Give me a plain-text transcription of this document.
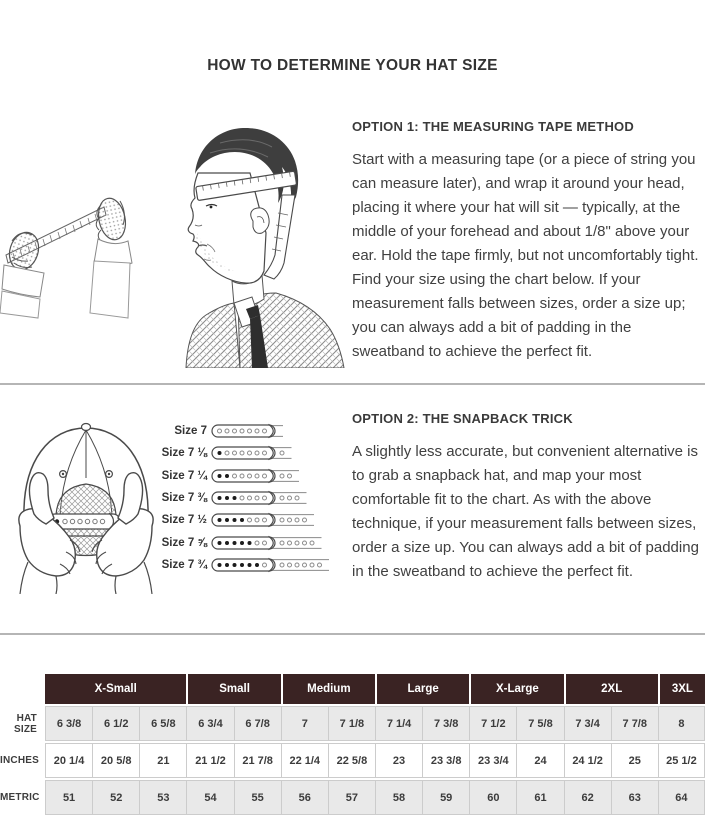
HOW TO DETERMINE YOUR HAT SIZE
OPTION 1: THE MEASURING TAPE METHOD

Start with a measuring tape (or a piece of string you can measure later), and wrap it around your head, placing it where your hat will sit — typically, at the middle of your forehead and about 1/8" above your ear. Hold the tape firmly, but not uncomfortably tight. Find your size using the chart below. If your measurement falls between sizes, order a size up; you can always add a bit of padding in the sweatband to achieve the perfect fit.

Size 7
Size 7 ⅛
Size 7 ¼
Size 7 ⅜
Size 7 ½
Size 7 ⅝
Size 7 ¾
OPTION 2: THE SNAPBACK TRICK

A slightly less accurate, but convenient alternative is to grab a snapback hat, and map your most comfortable fit to the chart. As with the above technique, if your measurement falls between sizes, order a size up. You can always add a bit of padding in the sweatband to achieve the perfect fit.

	X-Small			Small		Medium		Large		X-Large		2XL		3XL
HAT SIZE	6 3/8	6 1/2	6 5/8	6 3/4	6 7/8	7	7 1/8	7 1/4	7 3/8	7 1/2	7 5/8	7 3/4	7 7/8	8
INCHES	20 1/4	20 5/8	21	21 1/2	21 7/8	22 1/4	22 5/8	23	23 3/8	23 3/4	24	24 1/2	25	25 1/2
METRIC	51	52	53	54	55	56	57	58	59	60	61	62	63	64
